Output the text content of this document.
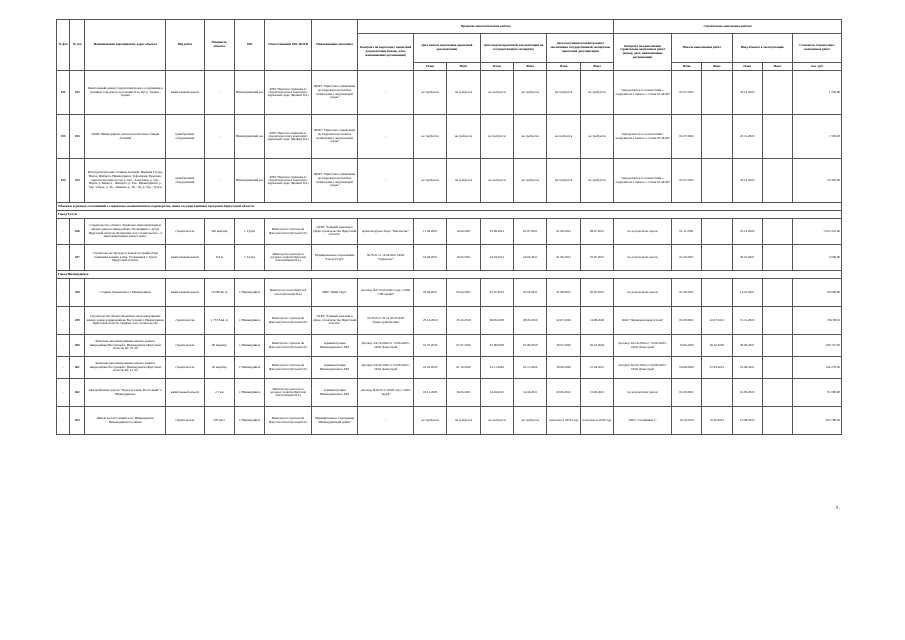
№ ф/п	№ п/п	Наименование мероприятия, адрес объекта	Вид работ	Мощность объекта	МО	Ответственный МО, ИОГВ	Наименование заказчика	Проектно-изыскательские работы							Строительно-монтажные работы					
								Контракт на подготовку проектной документации (номер, дата, наименование организации)	Дата начала подготовки проектной документации		Дата подачи проектной документации на государственную экспертизу		Дата получения положительного заключения государственной экспертизы проектной документации		Контракт на выполнение строительно-монтажных работ (номер, дата, наименование организации)	Начало выполнения работ		Ввод объекта в эксплуатацию		Стоимость строительно-монтажных работ
									План	Факт	План	Факт	План	Факт		План	Факт	План	Факт	тыс. руб.
192	253	Капитальный ремонт гидротехнического сооружения в границах городского поселения Усть-Кут р. Хадын - Хадын	капитальный ремонт	-	Нижнеудинский р-н	ФГБУ "Иркутское управление по гидрометеорологии и мониторингу окружающей среды" (Шрайнер Н.А.)	ФГБУ "Иркутское управление по гидрометеорологии и мониторингу окружающей среды"	-	не требуется	не требуется	не требуется	не требуется	не требуется	не требуется	Определяется в соответствии с подпунктом 2 пункта 1 статьи 93 44-ФЗ	01.07.2022		25.12.2022		1 750,00
193	254	ОГМС Нижнеудинск, метеорологическая станция Алзамай	приобретение оборудования	-	Нижнеудинский р-н	ФГБУ "Иркутское управление по гидрометеорологии и мониторингу окружающей среды" (Шрайнер Н.А.)	ФГБУ "Иркутское управление по гидрометеорологии и мониторингу окружающей среды"	-	не требуется	не требуется	не требуется	не требуется	не требуется	не требуется	Определяется в соответствии с подпунктом 2 пункта 1 статьи 93 44-ФЗ	01.07.2022		25.12.2022		1 503,00
194	255	Метеорологические станции Алзамай, Верхняя Гутара, Нерха, Шеберта, Нижнеудинск, Тофалария, Будагово, гидрологические посты р. Уда - Алыгджер, р. Уда - Нерха, р. Бирюса - Шеберта, р. Уда - Нижнеудинск, р. Уда - Порог, р. Ук - Зимовье, р. Ук - Ук, р. Уда - Тулун	приобретение оборудования	-	Нижнеудинский р-н	ФГБУ "Иркутское управление по гидрометеорологии и мониторингу окружающей среды" (Шрайнер Н.А.)	ФГБУ "Иркутское управление по гидрометеорологии и мониторингу окружающей среды"	-	не требуется	не требуется	не требуется	не требуется	не требуется	не требуется	Определяется в соответствии с подпунктом 2 пункта 1 статьи 93 44-ФЗ	01.07.2022		25.12.2022		25 450,00
Объекты в рамках соглашений о социально-экономическом партнерстве, иных государственных программ Иркутской области																				
Город Тулун																				
-	256	Строительство объекта "Комплекс многоквартирных жилых домов в микрорайоне Угольщиков г. Тулун Иркутской области. Четвертый этап строительства - 4 многоквартирных жилых дома"	строительство	320 квартир	г. Тулун	Министерство строительства Иркутской области (Полоцев П.П.)	ОГКУ "Единый заказчик в сфере строительства Иркутской области"	Архитектурное бюро "Метаполис"	17.04.2021	14.04.2021	01.08.2021	01.07.2021	01.09.2021	09.07.2021	по результатам торгов	01.11.2021		25.12.2022		1 023 241,00
-	257	Строительство прохода к жилой застройке 8-ми этажными домами в мкр. Угольщиков г. Тулун Иркутской области	капитальный ремонт	110 м	г. Тулун	Министерство транспорта и дорожного хозяйства Иркутской области (Шкурин Н.А.)	Муниципальное образование "Город Тулун"	№78-21 от 16.04.2021 ООО "Горпроект"	16.04.2021	16.04.2021	24.04.2021	24.04.2021	01.06.2021	01.07.2021	по результатам торгов	01.09.2021		30.10.2021		4 000,00
Город Нижнеудинск																				
-	258	Стадион Локомотив в г. Нижнеудинск	капитальный ремонт	10 000 кв. м	г. Нижнеудинск	Министерство спорта Иркутской области (Богатирев Н.А.)	МБУ "ФОК Труд"	Договор №б/ 05.04.2021 года с ООО "ОН-профи"	05.04.2021	05.04.2021	01.07.2021	25.04.2021	01.08.2021	20.05.2021	по результатам торгов	01.09.2021		14.10.2021		69 000,00
-	259	Строительство объекта Комплекс многоквартирных жилых домов в микрорайоне Восточный г. Нижнеудинск Иркутской области. Первый этап строительства	строительство	1 757,8 кв. м	г. Нижнеудинск	Министерство строительства Иркутской области (Полоцев П.П.)	ОГКУ "Единый заказчик в сфере строительства Иркутской области"	25/2019 от 25.12.2019 ООО "Домострой-Профи"	25.12.2019	25.12.2019	09.05.2020	08.05.2020	22.07.2020	14.08.2020	ООО "Черемховоэнергострой"	01.08.2021	22.07.2021	15.12.2022		352 093,9
-	260	Комплекс многоквартирных жилых домов в микрорайоне Восточный г. Нижнеудинск Иркутской области, БС 19, 20	строительство	60 квартир	г. Нижнеудинск	Министерство строительства Иркутской области (Полоцев П.П.)	Администрация Нижнеудинского МО	Договор 3А/19-2020 от 15.06.2020 с ООО Домострой	01.07.2020	01.07.2020	01.08.2020	01.09.2020	30.07.2020	20.10.2020	Договор 3А/19-2020 от 15.06.2020 с ООО Домострой	15.06.2020	20.10.2020	20.06.2021		190 137,95
-	261	Комплекс многоквартирных жилых домов в микрорайоне Восточный г. Нижнеудинск Иркутской области, БС 21, 22	строительство	65 квартир	г. Нижнеудинск	Министерство строительства Иркутской области (Полоцев П.П.)	Администрация Нижнеудинского МО	Договор 3А/02-2020 от 04.08.2020 с ООО Домострой	01.10.2020	01.10.2020	01.11.2020	01.11.2020	30.09.2020	27.04.2021	Договор 3А/02-2020 от 04.08.2020 с ООО Домострой	04.08.2020	27.04.2021	01.09.2021		142 279,26
-	262	Автомобильная дорога "Подъезд к мкр. Восточный" г. Нижнеудинска	капитальный ремонт	2,7 км	г. Нижнеудинск	Министерство транспорта и дорожного хозяйства Иркутской области (Шкурин Н.А.)	Администрация Нижнеудинского МО	Договор №36 05.11.2020 года с ООО "Дорф"	05.11.2020	16.04.2021	14.04.2021	14.04.2021	20.06.2021	15.06.2021	по результатам торгов	01.09.2021		01.09.2022		91 000,00
-	263	Школа на 520 учащихся в г. Нижнеудинск Нижнеудинского района	строительство	520 мест	г. Нижнеудинск	Министерство строительства Иркутской области (Полоцев П.П.)	Муниципальное учреждение "Нижнеудинский район"	-	не требуется	не требуется	не требуется	не требуется	получено в 2018 году	получено в 2018 году	ООО "Стройинвест"	16.10.2019	16.10.2019	15.08.2022		465 780,30
9 ,
